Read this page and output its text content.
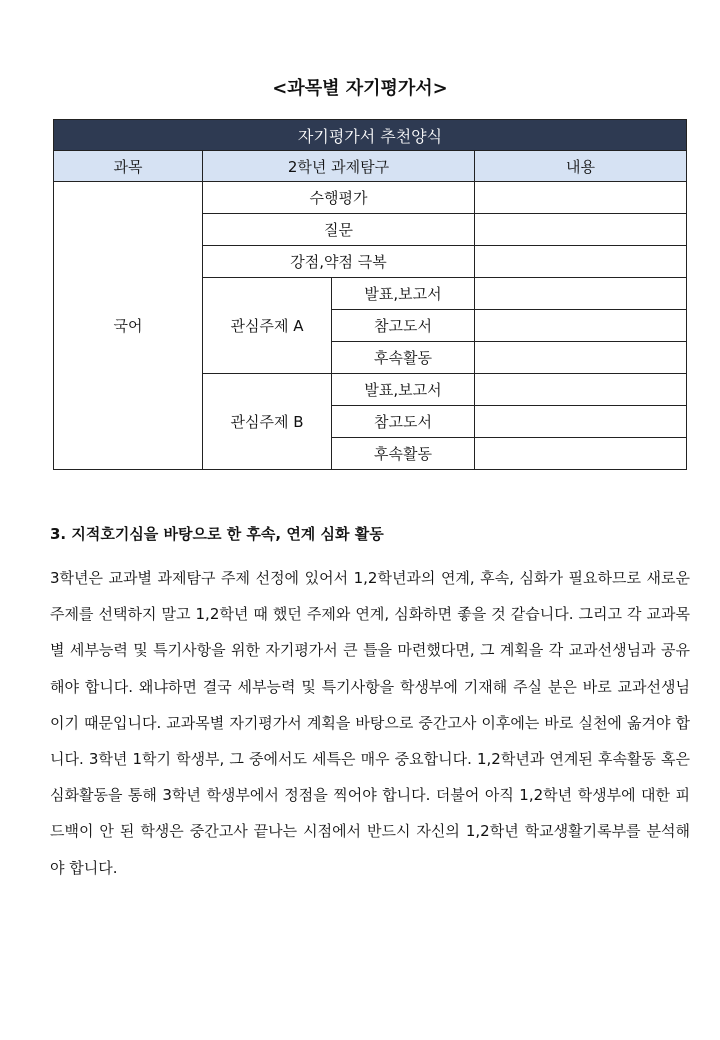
<과목별 자기평가서>
자기평가서 추천양식			
과목	2학년 과제탐구		내용
국어	수행평가		
	질문		
	강점,약점 극복		
	관심주제 A	발표,보고서	
		참고도서	
		후속활동	
	관심주제 B	발표,보고서	
		참고도서	
		후속활동	
3. 지적호기심을 바탕으로 한 후속, 연계 심화 활동

3학년은 교과별 과제탐구 주제 선정에 있어서 1,2학년과의 연계, 후속, 심화가 필요하므로 새로운 주제를 선택하지 말고 1,2학년 때 했던 주제와 연계, 심화하면 좋을 것 같습니다. 그리고 각 교과목별 세부능력 및 특기사항을 위한 자기평가서 큰 틀을 마련했다면, 그 계획을 각 교과선생님과 공유해야 합니다. 왜냐하면 결국 세부능력 및 특기사항을 학생부에 기재해 주실 분은 바로 교과선생님이기 때문입니다. 교과목별 자기평가서 계획을 바탕으로 중간고사 이후에는 바로 실천에 옮겨야 합니다. 3학년 1학기 학생부, 그 중에서도 세특은 매우 중요합니다. 1,2학년과 연계된 후속활동 혹은 심화활동을 통해 3학년 학생부에서 정점을 찍어야 합니다. 더불어 아직 1,2학년 학생부에 대한 피드백이 안 된 학생은 중간고사 끝나는 시점에서 반드시 자신의 1,2학년 학교생활기록부를 분석해야 합니다.
